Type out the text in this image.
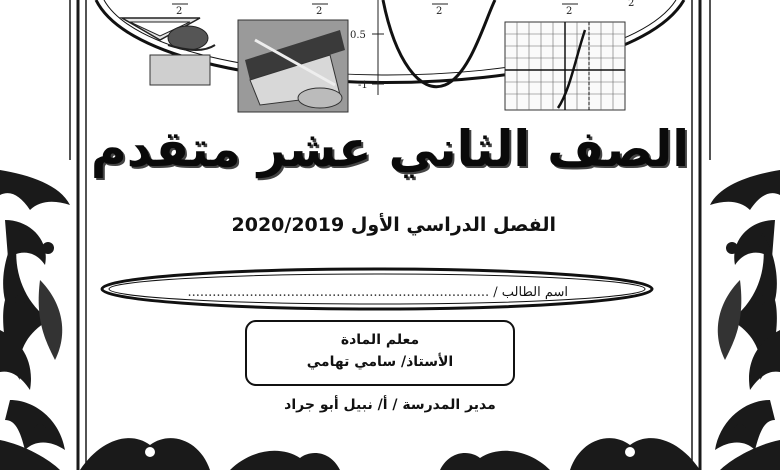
2	2	2	2
2
0.5
-1
الصف الثاني عشر متقدم
الفصل الدراسي الأول 2020/2019
اسم الطالب / .........................................................................
معلم المادة
الأستاذ/ سامي تهامي
مدير المدرسة / أ/ نبيل أبو جراد
